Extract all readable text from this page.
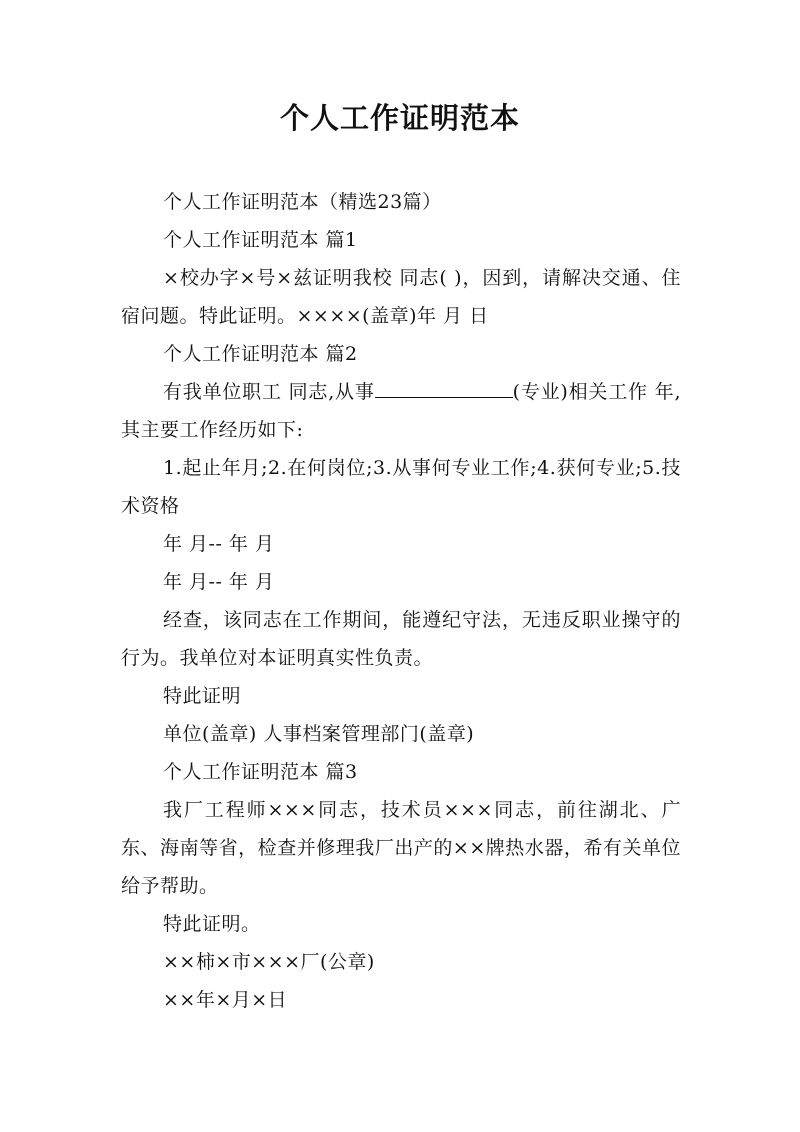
个人工作证明范本

个人工作证明范本（精选23篇）

个人工作证明范本 篇1

×校办字×号×兹证明我校 同志( )，因到，请解决交通、住宿问题。特此证明。××××(盖章)年 月 日

个人工作证明范本 篇2

有我单位职工 同志,从事	(专业)相关工作 年,其主要工作经历如下:

1.起止年月;2.在何岗位;3.从事何专业工作;4.获何专业;5.技术资格

年 月-- 年 月

年 月-- 年 月

经查，该同志在工作期间，能遵纪守法，无违反职业操守的行为。我单位对本证明真实性负责。

特此证明

单位(盖章) 人事档案管理部门(盖章)

个人工作证明范本 篇3

我厂工程师×××同志，技术员×××同志，前往湖北、广东、海南等省，检查并修理我厂出产的××牌热水器，希有关单位给予帮助。

特此证明。

××柿×市×××厂(公章)

××年×月×日
